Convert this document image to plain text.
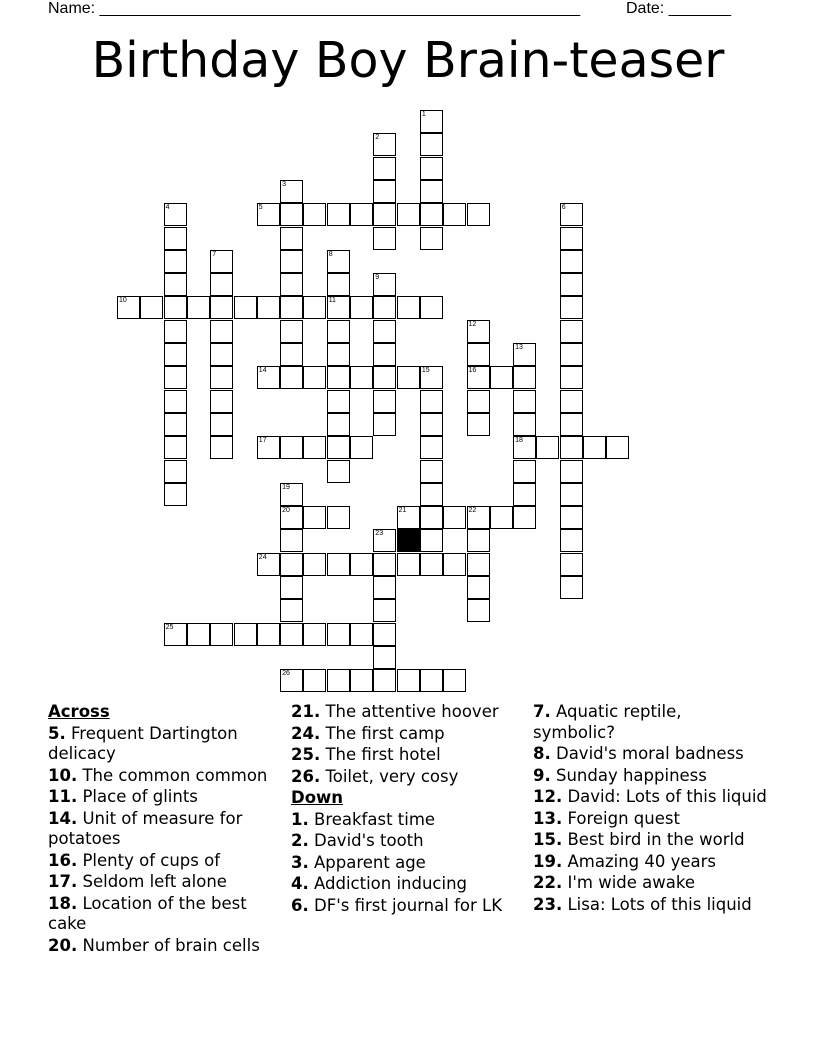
Name: ______________________________________________________	Date: _______
Birthday Boy Brain-teaser
1
2
3
4	5	6
7	8
11
9
10
12
16
13
18
14	15
17
19
20	21	22
23
24
25
26
Across
5. Frequent Dartington delicacy
10. The common common
11. Place of glints
14. Unit of measure for potatoes
16. Plenty of cups of
17. Seldom left alone
18. Location of the best cake
20. Number of brain cells
21. The attentive hoover
24. The first camp
25. The first hotel
26. Toilet, very cosy
Down
1. Breakfast time
2. David's tooth
3. Apparent age
4. Addiction inducing
6. DF's first journal for LK
7. Aquatic reptile, symbolic?
8. David's moral badness
9. Sunday happiness
12. David: Lots of this liquid
13. Foreign quest
15. Best bird in the world
19. Amazing 40 years
22. I'm wide awake
23. Lisa: Lots of this liquid
